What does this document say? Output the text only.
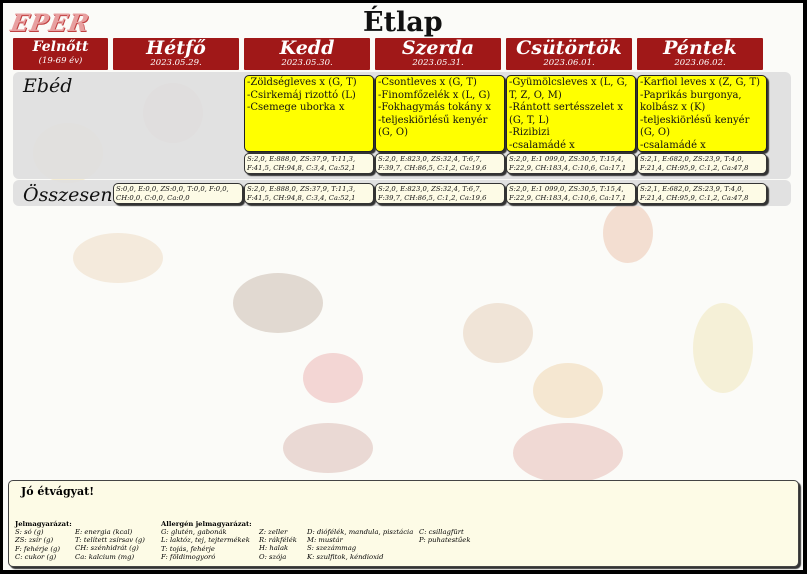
EPER	Étlap
Felnőtt
(19-69 év)
Hétfő
2023.05.29.
Kedd
2023.05.30.
Szerda
2023.05.31.
Csütörtök
2023.06.01.
Péntek
2023.06.02.
Ebéd	-Zöldségleves x (G, T)
-Csirkemáj rizottó (L)
-Csemege uborka x
-Csontleves x (G, T)
-Finomfőzelék x (L, G)
-Fokhagymás tokány x
-teljeskiörlésű kenyér (G, O)
-Gyümölcsleves x (L, G, T, Z, O, M)
-Rántott sertésszelet x (G, T, L)
-Rizibizi
-csalamádé x
-Karfiol leves x (Z, G, T)
-Paprikás burgonya, kolbász x (K)
-teljeskiörlésű kenyér (G, O)
-csalamádé x
S:2,0, E:888,0, ZS:37,9, T:11,3, F:41,5, CH:94,8, C:3,4, Ca:52,1
S:2,0, E:823,0, ZS:32,4, T:6,7, F:39,7, CH:86,5, C:1,2, Ca:19,6
S:2,0, E:1 099,0, ZS:30,5, T:15,4, F:22,9, CH:183,4, C:10,6, Ca:17,1
S:2,1, E:682,0, ZS:23,9, T:4,0, F:21,4, CH:95,9, C:1,2, Ca:47,8
Összesen S:0,0, E:0,0, ZS:0,0, T:0,0, F:0,0, CH:0,0, C:0,0, Ca:0,0
S:2,0, E:888,0, ZS:37,9, T:11,3, F:41,5, CH:94,8, C:3,4, Ca:52,1
S:2,0, E:823,0, ZS:32,4, T:6,7, F:39,7, CH:86,5, C:1,2, Ca:19,6
S:2,0, E:1 099,0, ZS:30,5, T:15,4, F:22,9, CH:183,4, C:10,6, Ca:17,1
S:2,1, E:682,0, ZS:23,9, T:4,0, F:21,4, CH:95,9, C:1,2, Ca:47,8
Jó étvágyat!
Jelmagyarázat:
S: só (g)
ZS: zsír (g)
F: fehérje (g)
C: cukor (g)
E: energia (kcal)
T: telített zsírsav (g)
CH: szénhidrát (g)
Ca: kalcium (mg)
Allergén jelmagyarázat:
G: glutén, gabonák
L: laktóz, tej, tejtermékek
T: tojás, fehérje
F: földimogyoró
Z: zeller
R: rákfélék
H: halak
O: szója
D: diófélék, mandula, pisztácia
M: mustár
S: szezámmag
K: szulfitok, kéndioxid
C: csillagfürt
P: puhatestűek
